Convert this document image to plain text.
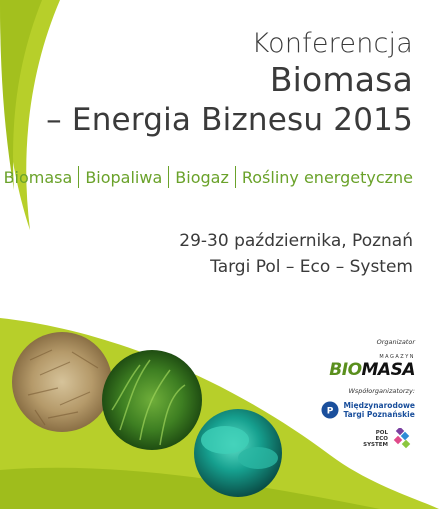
Konferencja
Biomasa
– Energia Biznesu 2015
Biomasa Biopaliwa Biogaz Rośliny energetyczne
29-30 października, Poznań
Targi Pol – Eco – System
Organizator
MAGAZYN
BIOMASA
Współorganizatorzy:
P
Międzynarodowe
Targi Poznańskie
POL
ECO
SYSTEM
